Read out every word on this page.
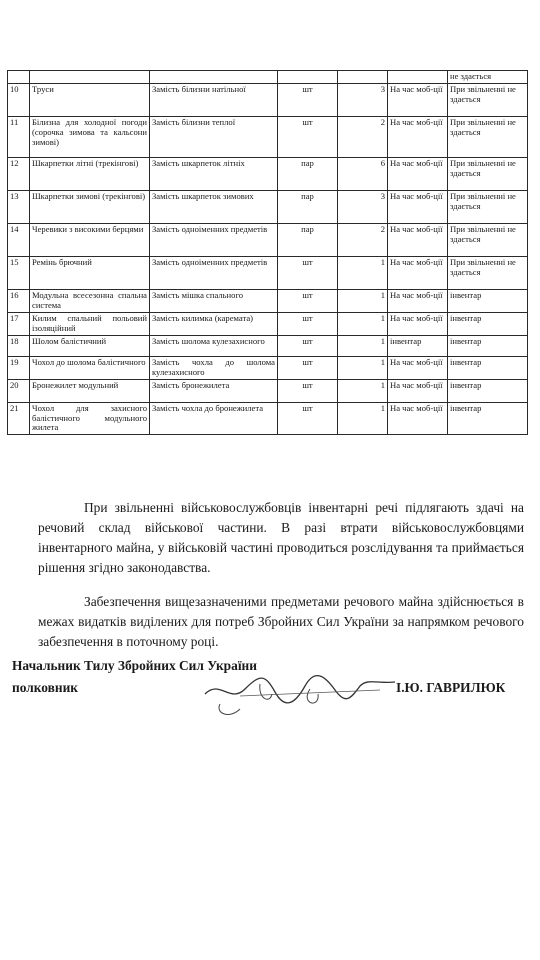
						не здається
10	Труси	Замість білизни натільної	шт	3	На час моб-ції	При звільненні не здається
11	Білизна для холодної погоди (сорочка зимова та кальсони зимові)	Замість білизни теплої	шт	2	На час моб-ції	При звільненні не здається
12	Шкарпетки літні (трекінгові)	Замість шкарпеток літніх	пар	6	На час моб-ції	При звільненні не здається
13	Шкарпетки зимові (трекінгові)	Замість шкарпеток зимових	пар	3	На час моб-ції	При звільненні не здається
14	Черевики з високими берцями	Замість одноіменних предметів	пар	2	На час моб-ції	При звільненні не здається
15	Ремінь брючний	Замість одноіменних предметів	шт	1	На час моб-ції	При звільненні не здається
16	Модульна всесезонна спальна система	Замість мішка спального	шт	1	На час моб-ції	інвентар
17	Килим спальний польовий ізоляційний	Замість килимка (каремата)	шт	1	На час моб-ції	інвентар
18	Шолом балістичний	Замість шолома кулезахисного	шт	1	інвентар	інвентар
19	Чохол до шолома балістичного	Замість чохла до шолома кулезахисного	шт	1	На час моб-ції	інвентар
20	Бронежилет модульний	Замість бронежилета	шт	1	На час моб-ції	інвентар
21	Чохол для захисного балістичного модульного жилета	Замість чохла до бронежилета	шт	1	На час моб-ції	інвентар
При звільненні військовослужбовців інвентарні речі підлягають здачі на речовий склад військової частини. В разі втрати військовослужбовцями інвентарного майна, у військовій частині проводиться розслідування та приймається рішення згідно законодавства.
Забезпечення вищезазначеними предметами речового майна здійснюється в межах видатків виділених для потреб Збройних Сил України за напрямком речового забезпечення в поточному році.
Начальник Тилу Збройних Сил України
полковник	І.Ю. ГАВРИЛЮК
